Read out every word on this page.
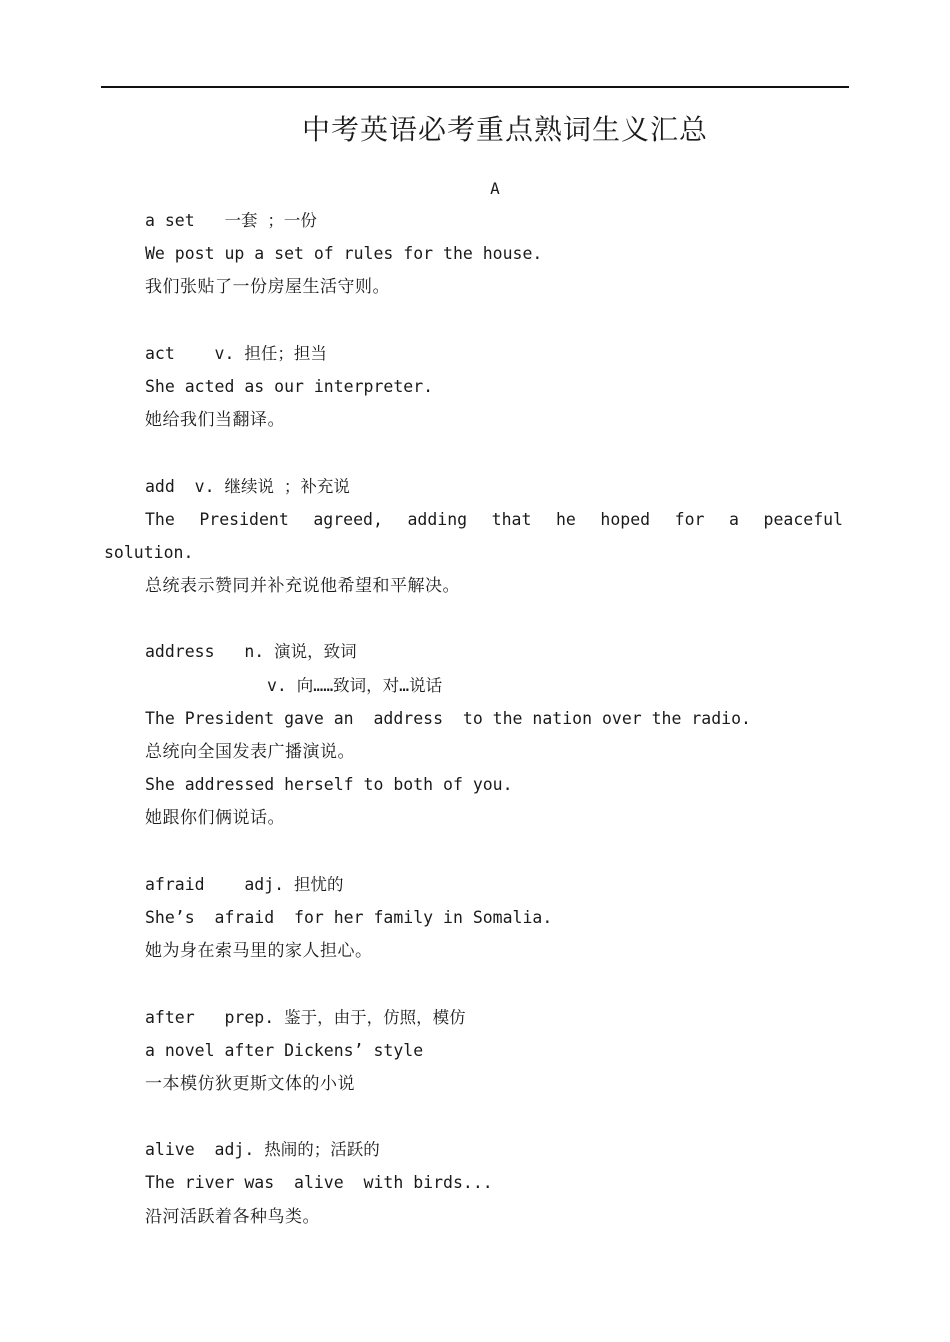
中考英语必考重点熟词生义汇总
A
a set   一套 ；一份
We post up a set of rules for the house.
我们张贴了一份房屋生活守则。
act    v. 担任；担当
She acted as our interpreter.
她给我们当翻译。
add  v. 继续说 ；补充说
The President agreed, adding that he hoped for a peaceful
solution.
总统表示赞同并补充说他希望和平解决。
address   n. 演说，致词
v. 向……致词，对…说话
The President gave an  address  to the nation over the radio.
总统向全国发表广播演说。
She addressed herself to both of you.
她跟你们俩说话。
afraid    adj. 担忧的
She’s  afraid  for her family in Somalia.
她为身在索马里的家人担心。
after   prep. 鉴于，由于，仿照，模仿
a novel after Dickens’ style
一本模仿狄更斯文体的小说
alive  adj. 热闹的；活跃的
The river was  alive  with birds...
沿河活跃着各种鸟类。
